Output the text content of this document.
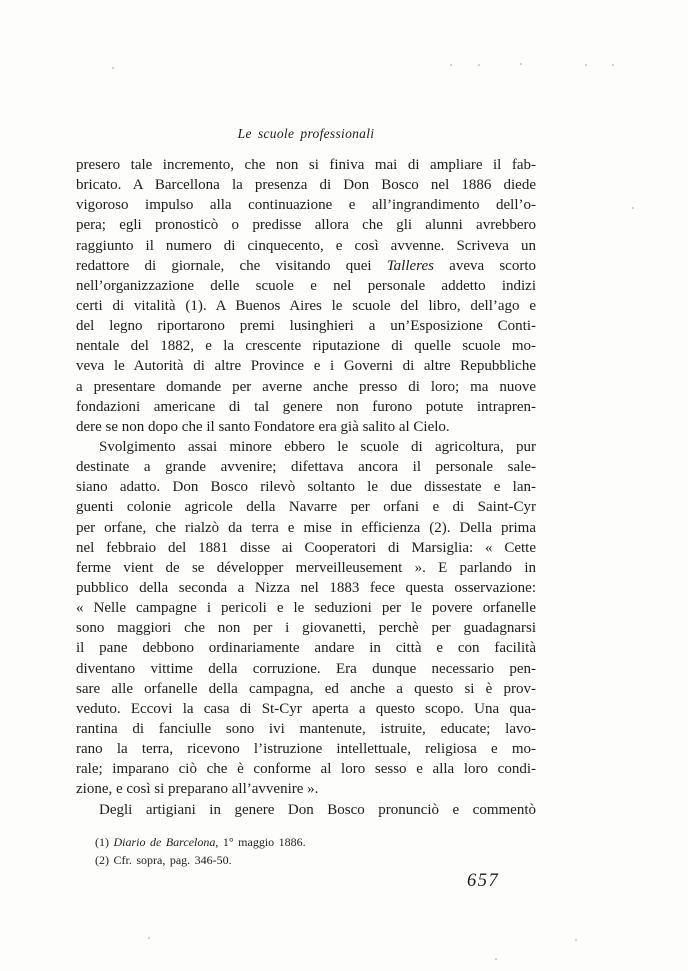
Le scuole professionali
presero tale incremento, che non si finiva mai di ampliare il fab-
bricato. A Barcellona la presenza di Don Bosco nel 1886 diede
vigoroso impulso alla continuazione e all’ingrandimento dell’o-
pera; egli pronosticò o predisse allora che gli alunni avrebbero
raggiunto il numero di cinquecento, e così avvenne. Scriveva un
redattore di giornale, che visitando quei Talleres aveva scorto
nell’organizzazione delle scuole e nel personale addetto indizi
certi di vitalità (1). A Buenos Aires le scuole del libro, dell’ago e
del legno riportarono premi lusinghieri a un’Esposizione Conti-
nentale del 1882, e la crescente riputazione di quelle scuole mo-
veva le Autorità di altre Province e i Governi di altre Repubbliche
a presentare domande per averne anche presso di loro; ma nuove
fondazioni americane di tal genere non furono potute intrapren-
dere se non dopo che il santo Fondatore era già salito al Cielo.
Svolgimento assai minore ebbero le scuole di agricoltura, pur
destinate a grande avvenire; difettava ancora il personale sale-
siano adatto. Don Bosco rilevò soltanto le due dissestate e lan-
guenti colonie agricole della Navarre per orfani e di Saint-Cyr
per orfane, che rialzò da terra e mise in efficienza (2). Della prima
nel febbraio del 1881 disse ai Cooperatori di Marsiglia: « Cette
ferme vient de se développer merveilleusement ». E parlando in
pubblico della seconda a Nizza nel 1883 fece questa osservazione:
« Nelle campagne i pericoli e le seduzioni per le povere orfanelle
sono maggiori che non per i giovanetti, perchè per guadagnarsi
il pane debbono ordinariamente andare in città e con facilità
diventano vittime della corruzione. Era dunque necessario pen-
sare alle orfanelle della campagna, ed anche a questo si è prov-
veduto. Eccovi la casa di St-Cyr aperta a questo scopo. Una qua-
rantina di fanciulle sono ivi mantenute, istruite, educate; lavo-
rano la terra, ricevono l’istruzione intellettuale, religiosa e mo-
rale; imparano ciò che è conforme al loro sesso e alla loro condi-
zione, e così si preparano all’avvenire ».
Degli artigiani in genere Don Bosco pronunciò e commentò
(1) Diario de Barcelona, 1° maggio 1886.
(2) Cfr. sopra, pag. 346-50.
657
